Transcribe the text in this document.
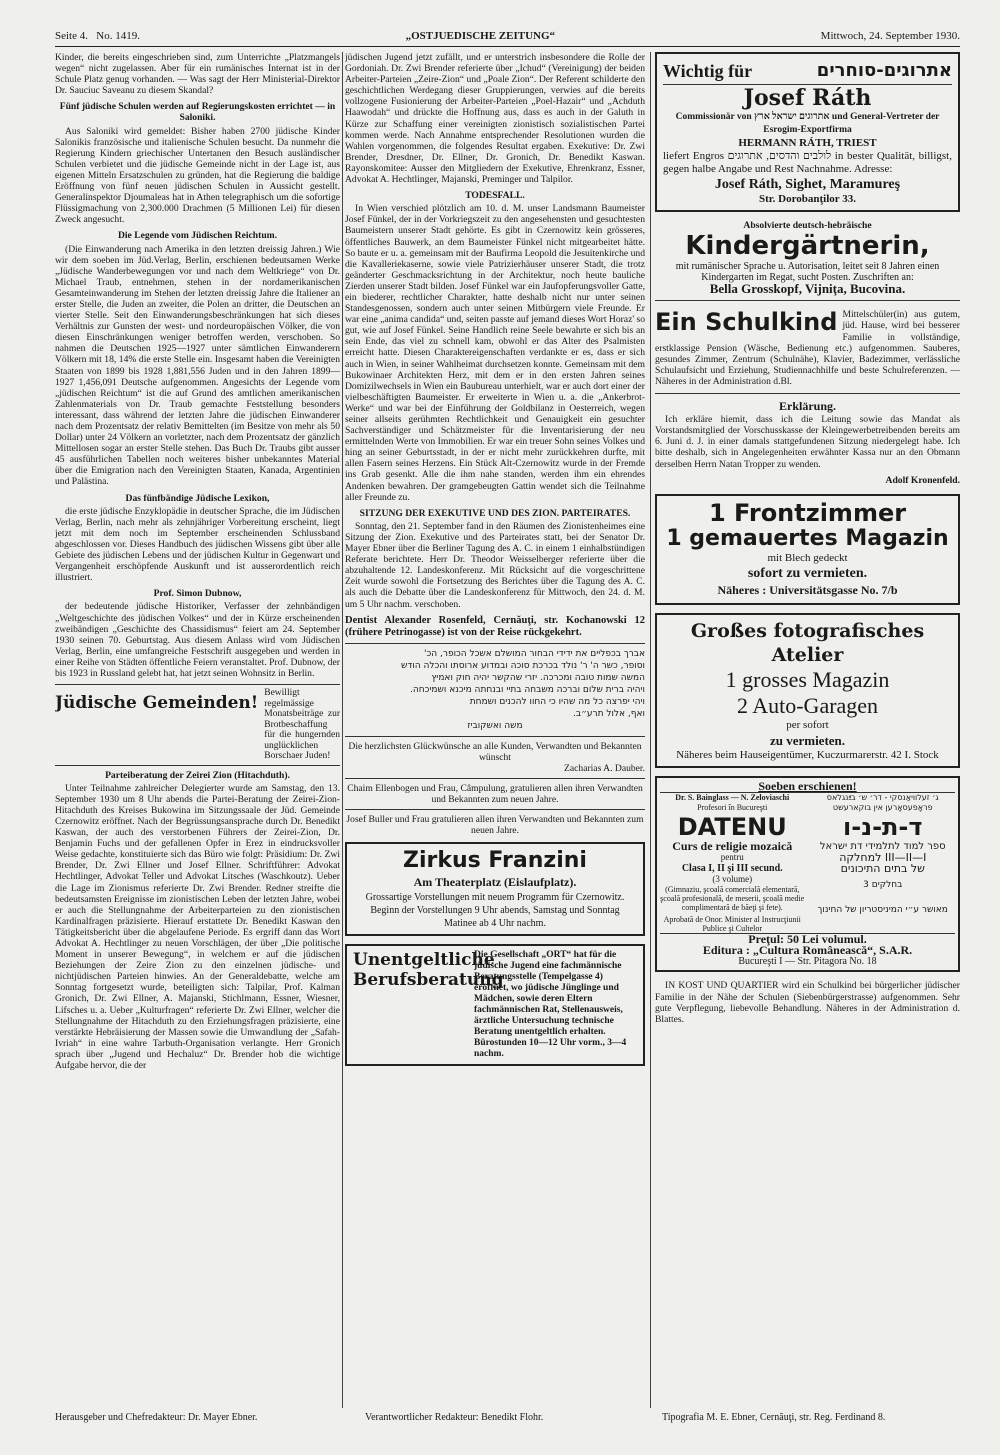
Seite 4. No. 1419.	„OSTJUEDISCHE ZEITUNG“	Mittwoch, 24. September 1930.

Kinder, die bereits eingeschrieben sind, zum Unterrichte „Platzmangels wegen“ nicht zugelassen. Aber für ein rumänisches Internat ist in der Schule Platz genug vorhanden. — Was sagt der Herr Ministerial-Direktor Dr. Sauciuc Saveanu zu diesem Skandal?

Fünf jüdische Schulen werden auf Regierungskosten errichtet — in Saloniki.

Aus Saloniki wird gemeldet: Bisher haben 2700 jüdische Kinder Salonikis französische und italienische Schulen besucht. Da nunmehr die Regierung Kindern griechischer Untertanen den Besuch ausländischer Schulen verbietet und die jüdische Gemeinde nicht in der Lage ist, aus eigenen Mitteln Ersatzschulen zu gründen, hat die Regierung die baldige Eröffnung von fünf neuen jüdischen Schulen in Aussicht gestellt. Generalinspektor Djoumaleas hat in Athen telegraphisch um die sofortige Flüssigmachung von 2,300.000 Drachmen (5 Millionen Lei) für diesen Zweck angesucht.

Die Legende vom Jüdischen Reichtum.

(Die Einwanderung nach Amerika in den letzten dreissig Jahren.) Wie wir dem soeben im Jüd.Verlag, Berlin, erschienen bedeutsamen Werke „Jüdische Wanderbewegungen vor und nach dem Weltkriege“ von Dr. Michael Traub, entnehmen, stehen in der nordamerikanischen Gesamteinwanderung im Stehen der letzten dreissig Jahre die Italiener an erster Stelle, die Juden an zweiter, die Polen an dritter, die Deutschen an vierter Stelle. Seit den Einwanderungsbeschränkungen hat sich dieses Verhältnis zur Gunsten der west- und nordeuropäischen Völker, die von diesen Einschränkungen weniger betroffen werden, verschoben. So nahmen die Deutschen 1925—1927 unter sämtlichen Einwanderern Völkern mit 18, 14% die erste Stelle ein. Insgesamt haben die Vereinigten Staaten von 1899 bis 1928 1,881,556 Juden und in den Jahren 1899—1927 1,456,091 Deutsche aufgenommen. Angesichts der Legende vom „jüdischen Reichtum“ ist die auf Grund des amtlichen amerikanischen Zahlenmaterials von Dr. Traub gemachte Feststellung besonders interessant, dass während der letzten Jahre die jüdischen Einwanderer nach dem Prozentsatz der relativ Bemittelten (im Besitze von mehr als 50 Dollar) unter 24 Völkern an vorletzter, nach dem Prozentsatz der gänzlich Mittellosen sogar an erster Stelle stehen. Das Buch Dr. Traubs gibt ausser 45 ausführlichen Tabellen noch weiteres bisher unbekanntes Material über die Emigration nach den Vereinigten Staaten, Kanada, Argentinien und Palästina.

Das fünfbändige Jüdische Lexikon,

die erste jüdische Enzyklopädie in deutscher Sprache, die im Jüdischen Verlag, Berlin, nach mehr als zehnjähriger Vorbereitung erscheint, liegt jetzt mit dem noch im September erscheinenden Schlussband abgeschlossen vor. Dieses Handbuch des jüdischen Wissens gibt über alle Gebiete des jüdischen Lebens und der jüdischen Kultur in Gegenwart und Vergangenheit erschöpfende Auskunft und ist ausserordentlich reich illustriert.

Prof. Simon Dubnow,

der bedeutende jüdische Historiker, Verfasser der zehnbändigen „Weltgeschichte des jüdischen Volkes“ und der in Kürze erscheinenden zweibändigen „Geschichte des Chassidismus“ feiert am 24. September 1930 seinen 70. Geburtstag. Aus diesem Anlass wird vom Jüdischen Verlag, Berlin, eine umfangreiche Festschrift ausgegeben und werden in einer Reihe von Städten öffentliche Feiern veranstaltet. Prof. Dubnow, der bis 1923 in Russland gelebt hat, hat jetzt seinen Wohnsitz in Berlin.

Jüdische Gemeinden! Bewilligt regelmässige Monatsbeiträge zur Brotbeschaffung für die hungernden unglücklichen Borschaer Juden!
Parteiberatung der Zeirei Zion (Hitachduth).

Unter Teilnahme zahlreicher Delegierter wurde am Samstag, den 13. September 1930 um 8 Uhr abends die Partei-Beratung der Zeirei-Zion-Hitachduth des Kreises Bukowina im Sitzungssaale der Jüd. Gemeinde Czernowitz eröffnet. Nach der Begrüssungsansprache durch Dr. Benedikt Kaswan, der auch des verstorbenen Führers der Zeirei-Zion, Dr. Benjamin Fuchs und der gefallenen Opfer in Erez in eindrucksvoller Weise gedachte, konstituierte sich das Büro wie folgt: Präsidium: Dr. Zwi Brender, Dr. Zwi Ellner und Josef Ellner. Schriftführer: Advokat Hechtlinger, Advokat Teller und Advokat Litsches (Waschkoutz). Ueber die Lage im Zionismus referierte Dr. Zwi Brender. Redner streifte die bedeutsamsten Ereignisse im zionistischen Leben der letzten Jahre, wobei er auch die Stellungnahme der Arbeiterparteien zu den zionistischen Kardinalfragen präzisierte. Hierauf erstattete Dr. Benedikt Kaswan den Tätigkeitsbericht über die abgelaufene Periode. Es ergriff dann das Wort Advokat A. Hechtlinger zu neuen Vorschlägen, der über „Die politische Moment in unserer Bewegung“, in welchem er auf die jüdischen Beziehungen der Zeire Zion zu den einzelnen jüdische- und nichtjüdischen Parteien hinwies. An der Generaldebatte, welche am Sonntag fortgesetzt wurde, beteiligten sich: Talpilar, Prof. Kalman Gronich, Dr. Zwi Ellner, A. Majanski, Stichlmann, Essner, Wiesner, Lifsches u. a. Ueber „Kulturfragen“ referierte Dr. Zwi Ellner, welcher die Stellungnahme der Hitachduth zu den Erziehungsfragen präzisierte, eine verstärkte Hebräisierung der Massen sowie die Umwandlung der „Safah-Ivriah“ in eine wahre Tarbuth-Organisation verlangte. Herr Gronich sprach über „Jugend und Hechaluz“ Dr. Brender hob die wichtige Aufgabe hervor, die der

jüdischen Jugend jetzt zufällt, und er unterstrich insbesondere die Rolle der Gordoniah. Dr. Zwi Brender referierte über „Ichud“ (Vereinigung) der beiden Arbeiter-Parteien „Zeire-Zion“ und „Poale Zion“. Der Referent schilderte den geschichtlichen Werdegang dieser Gruppierungen, verwies auf die bereits vollzogene Fusionierung der Arbeiter-Parteien „Poel-Hazair“ und „Achduth Haawodah“ und drückte die Hoffnung aus, dass es auch in der Galuth in Kürze zur Schaffung einer vereinigten zionistisch sozialistischen Partei kommen werde. Nach Annahme entsprechender Resolutionen wurden die Wahlen vorgenommen, die folgendes Resultat ergaben. Exekutive: Dr. Zwi Brender, Dresdner, Dr. Ellner, Dr. Gronich, Dr. Benedikt Kaswan. Rayonskomitee: Ausser den Mitgliedern der Exekutive, Ehrenkranz, Essner, Advokat A. Hechtlinger, Majanski, Preminger und Talpilor.

TODESFALL.

In Wien verschied plötzlich am 10. d. M. unser Landsmann Baumeister Josef Fünkel, der in der Vorkriegszeit zu den angesehensten und gesuchtesten Baumeistern unserer Stadt gehörte. Es gibt in Czernowitz kein grösseres, öffentliches Bauwerk, an dem Baumeister Fünkel nicht mitgearbeitet hätte. So baute er u. a. gemeinsam mit der Baufirma Leopold die Jesuitenkirche und die Kavalleriekaserne, sowie viele Patrizierhäuser unserer Stadt, die trotz geänderter Geschmacksrichtung in der Architektur, noch heute bauliche Zierden unserer Stadt bilden. Josef Fünkel war ein Jaufopferungsvoller Gatte, ein biederer, rechtlicher Charakter, hatte deshalb nicht nur unter seinen Standesgenossen, sondern auch unter seinen Mitbürgern viele Freunde. Er war eine „anima candida“ und, seiten passte auf jemand dieses Wort Horaz' so gut, wie auf Josef Fünkel. Seine Handlich reine Seele bewahrte er sich bis an sein Ende, das viel zu schnell kam, obwohl er das Alter des Psalmisten erreicht hatte. Diesen Charaktereigenschaften verdankte er es, dass er sich auch in Wien, in seiner Wahlheimat durchsetzen konnte. Gemeinsam mit dem Bukowinaer Architekten Herz, mit dem er in den ersten Jahren seines Domizilwechsels in Wien ein Baubureau unterhielt, war er auch dort einer der vielbeschäftigten Baumeister. Er erweiterte in Wien u. a. die „Ankerbrot-Werke“ und war bei der Einführung der Goldbilanz in Oesterreich, wegen seiner allseits gerühmten Rechtlichkeit und Genauigkeit ein gesuchter Sachverständiger und Schätzmeister für die Inventarisierung der neu ermittelnden Werte von Immobilien. Er war ein treuer Sohn seines Volkes und hing an seiner Geburtsstadt, in der er nicht mehr zurückkehren durfte, mit allen Fasern seines Herzens. Ein Stück Alt-Czernowitz wurde in der Fremde ins Grab gesenkt. Alle die ihm nahe standen, werden ihm ein ehrendes Andenken bewahren. Der gramgebeugten Gattin wendet sich die Teilnahme aller Freunde zu.

SITZUNG DER EXEKUTIVE UND DES ZION. PARTEIRATES.

Sonntag, den 21. September fand in den Räumen des Zionistenheimes eine Sitzung der Zion. Exekutive und des Parteirates statt, bei der Senator Dr. Mayer Ebner über die Berliner Tagung des A. C. in einem 1 einhalbstündigen Referate berichtete. Herr Dr. Theodor Weisselberger referierte über die abzuhaltende 12. Landeskonferenz. Mit Rücksicht auf die vorgeschrittene Zeit wurde sowohl die Fortsetzung des Berichtes über die Tagung des A. C. als auch die Debatte über die Landeskonferenz für Mittwoch, den 24. d. M. um 5 Uhr nachm. verschoben.

Dentist Alexander Rosenfeld, Cernăuţi, str. Kochanowski 12 (frühere Petrinogasse) ist von der Reise rückgekehrt.
אברך בכפליים את ידידי הבחור המושלם אשכל הכופר, הכ'
וסופר, כשר ה' ר' נולד בכרכת סוכה ובמדוע ארוסתו והכלה הודש
המשה שמות טובה ומכרכה. יזרי שהקשר יהיה חוק ואמיץ
ויהיה ברית שלום וברכה משבחה בתיי ובנחתה מיכנא ושמיכחה.
ויהי יפרצה כל מה שהיו כי החוו להכנים ושמחת
ואף, אלול תרע״ב.
משה ואשקוביז
Die herzlichsten Glückwünsche an alle Kunden, Verwandten und Bekannten wünscht
Zacharias A. Dauber.
Chaim Ellenbogen und Frau, Câmpulung, gratulieren allen ihren Verwandten und Bekannten zum neuen Jahre.
Josef Buller und Frau gratulieren allen ihren Verwandten und Bekannten zum neuen Jahre.
Zirkus Franzini
Am Theaterplatz (Eislaufplatz).
Grossartige Vorstellungen mit neuem Programm für Czernowitz. Beginn der Vorstellungen 9 Uhr abends, Samstag und Sonntag Matinee ab 4 Uhr nachm.
Unentgeltliche Berufsberatung
Die Gesellschaft „ORT“ hat für die jüdische Jugend eine fachmännische Beratungsstelle (Tempelgasse 4) eröffnet, wo jüdische Jünglinge und Mädchen, sowie deren Eltern fachmännischen Rat, Stellenausweis, ärztliche Untersuchung technische Beratung unentgeltlich erhalten.
Bürostunden 10—12 Uhr vorm., 3—4 nachm.
Wichtig für	אתרוגים-סוחרים
Josef Ráth
Commissionär von אתרוגים ישראל ארץ und General-Vertreter der Esrogim-Exportfirma
HERMANN RÁTH, TRIEST
liefert Engros לולבים והדסים, אתרוגים in bester Qualität, billigst, gegen halbe Angabe und Rest Nachnahme. Adresse:
Josef Ráth, Sighet, Maramureş
Str. Dorobanţilor 33.
Absolvierte deutsch-hebräische
Kindergärtnerin,
mit rumänischer Sprache u. Autorisation, leitet seit 8 Jahren einen Kindergarten im Regat, sucht Posten. Zuschriften an:
Bella Grosskopf, Vijniţa, Bucovina.
Ein Schulkind Mittelschüler(in) aus gutem, jüd. Hause, wird bei besserer Familie in vollständige, erstklassige Pension (Wäsche, Bedienung etc.) aufgenommen. Sauberes, gesundes Zimmer, Zentrum (Schulnähe), Klavier, Badezimmer, verlässliche Schulaufsicht und Erziehung, Studiennachhilfe und beste Schulreferenzen. — Näheres in der Administration d.Bl.
Erklärung.

Ich erkläre hiemit, dass ich die Leitung sowie das Mandat als Vorstandsmitglied der Vorschusskasse der Kleingewerbetreibenden bereits am 6. Juni d. J. in einer damals stattgefundenen Sitzung niedergelegt habe. Ich bitte deshalb, sich in Angelegenheiten erwähnter Kassa nur an den Obmann derselben Herrn Natan Tropper zu wenden.

Adolf Kronenfeld.
1 Frontzimmer
1 gemauertes Magazin
mit Blech gedeckt
sofort zu vermieten.
Näheres : Universitätsgasse No. 7/b
Großes fotografisches Atelier
1 grosses Magazin
2 Auto-Garagen
per sofort
zu vermieten.
Näheres beim Hauseigentümer, Kuczurmarerstr. 42 I. Stock
Soeben erschienen!
Dr. S. Bainglass — N. Zeloviaschi
Profesori în Bucureşti
ג׳ זעלוויאַנסקי - דר׳ ש׳ בײַנגלאס
פראָפעסאָרען אין בוקארעשט
DATENU
Curs de religie mozaică
pentru
Clasa I, II şi III secund.
(3 volume)
(Gimnaziu, şcoală comercială elementară, şcoală profesională, de meserii, şcoală medie complimentară de băeţi şi fete).
Aprobată de Onor. Minister al Instrucţiunii Publice şi Cultelor
ד-ת-נ-ו
ספר למוד לתלמידי דת ישראל
III—II—I למחלקה
של בתים התיכונים
בחלקים 3
מאושר ע״י המיניסטריון של החינוך
Preţul: 50 Lei volumul.
Editura : „Cultura Românească“, S.A.R.
Bucureşti I — Str. Pitagora No. 18

IN KOST UND QUARTIER wird ein Schulkind bei bürgerlicher jüdischer Familie in der Nähe der Schulen (Siebenbürgerstrasse) aufgenommen. Sehr gute Verpflegung, liebevolle Behandlung. Näheres in der Administration d. Blattes.

Herausgeber und Chefredakteur: Dr. Mayer Ebner.	Verantwortlicher Redakteur: Benedikt Flohr.	Tipografia M. E. Ebner, Cernăuţi, str. Reg. Ferdinand 8.
